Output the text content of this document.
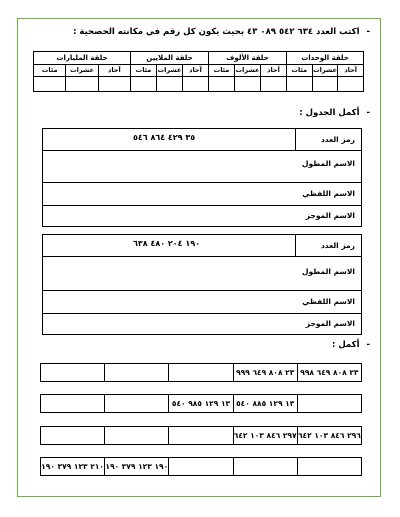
- اكتب العدد ٦٣٤ ٥٤٢ ٠٨٩ ٤٣ بحيث يكون كل رقم في مكانته الحصحية :
حلقة الوحدات
آحاد
عشرات
مئات
حلقة الألوف
آحاد
عشرات
مئات
حلقة الملايين
آحاد
عشرات
مئات
حلقة المليارات
آحاد
عشرات
مئات
- أكمل الجدول :
رمز العدد
٣٥ ٤٢٩ ٨٦٤ ٥٤٦
الاسم المطول
الاسم اللفظي
الاسم الموجز
رمز العدد
١٩٠ ٢٠٤ ٤٨٠ ٦٣٨
الاسم المطول
الاسم اللفظي
الاسم الموجز
- أكمل :
٢٣ ٨٠٨ ٦٤٩ ٩٩٨
٢٣ ٨٠٨ ٦٤٩ ٩٩٩
١٣ ١٢٩ ٨٨٥ ٥٤٠
١٣ ١٢٩ ٩٨٥ ٥٤٠
٢٩٦ ٨٤٦ ١٠٣ ٦٤٢
٢٩٧ ٨٤٦ ١٠٣ ٦٤٢
١٩٠ ١٢٣ ٣٧٩ ١٩٠
٢١٠ ١٢٣ ٣٧٩ ١٩٠
